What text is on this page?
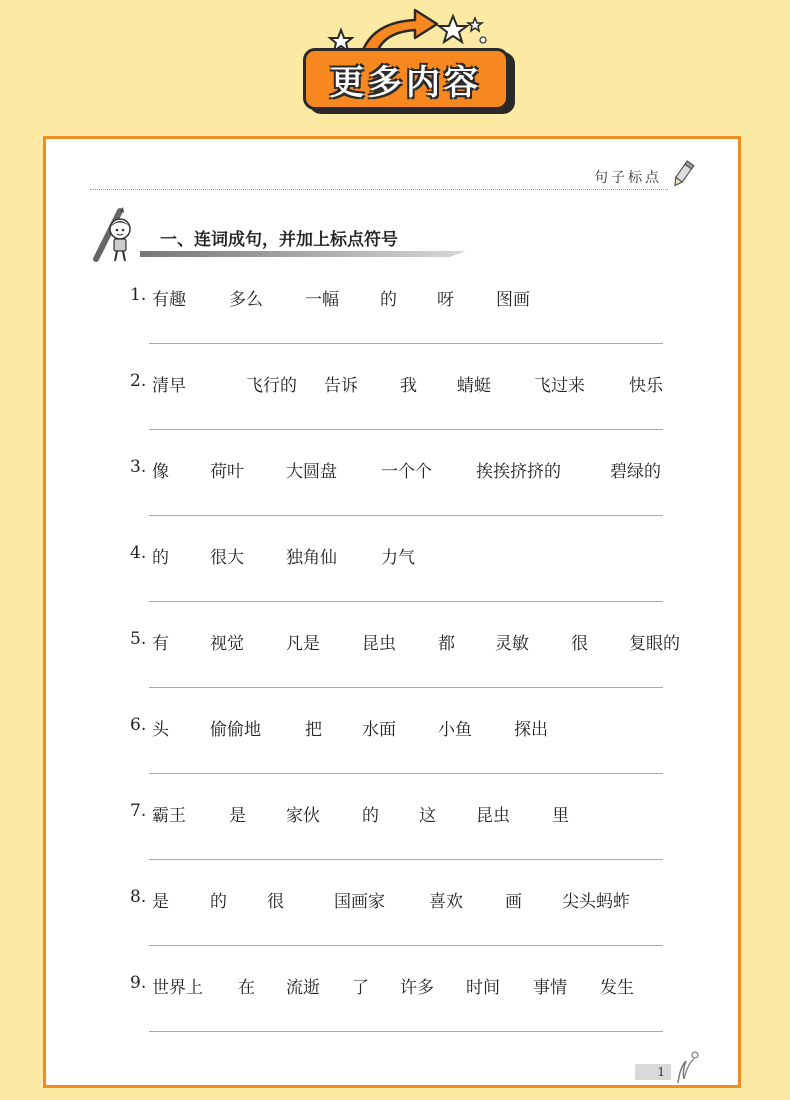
更多内容
句子标点
一、连词成句，并加上标点符号
1. 有趣	多么 一幅 的 呀 图画
2. 清早	飞行的 告诉 我 蜻蜓	飞过来	快乐
3. 像 荷叶 大圆盘	一个个	挨挨挤挤的	碧绿的
4. 的 很大 独角仙	力气
5. 有 视觉 凡是 昆虫 都 灵敏 很 复眼的
6. 头 偷偷地	把 水面 小鱼 探出
7. 霸王	是 家伙 的 这 昆虫 里
8. 是 的 很	国画家	喜欢 画 尖头蚂蚱
9. 世界上 在 流逝 了 许多 时间 事情 发生
1
